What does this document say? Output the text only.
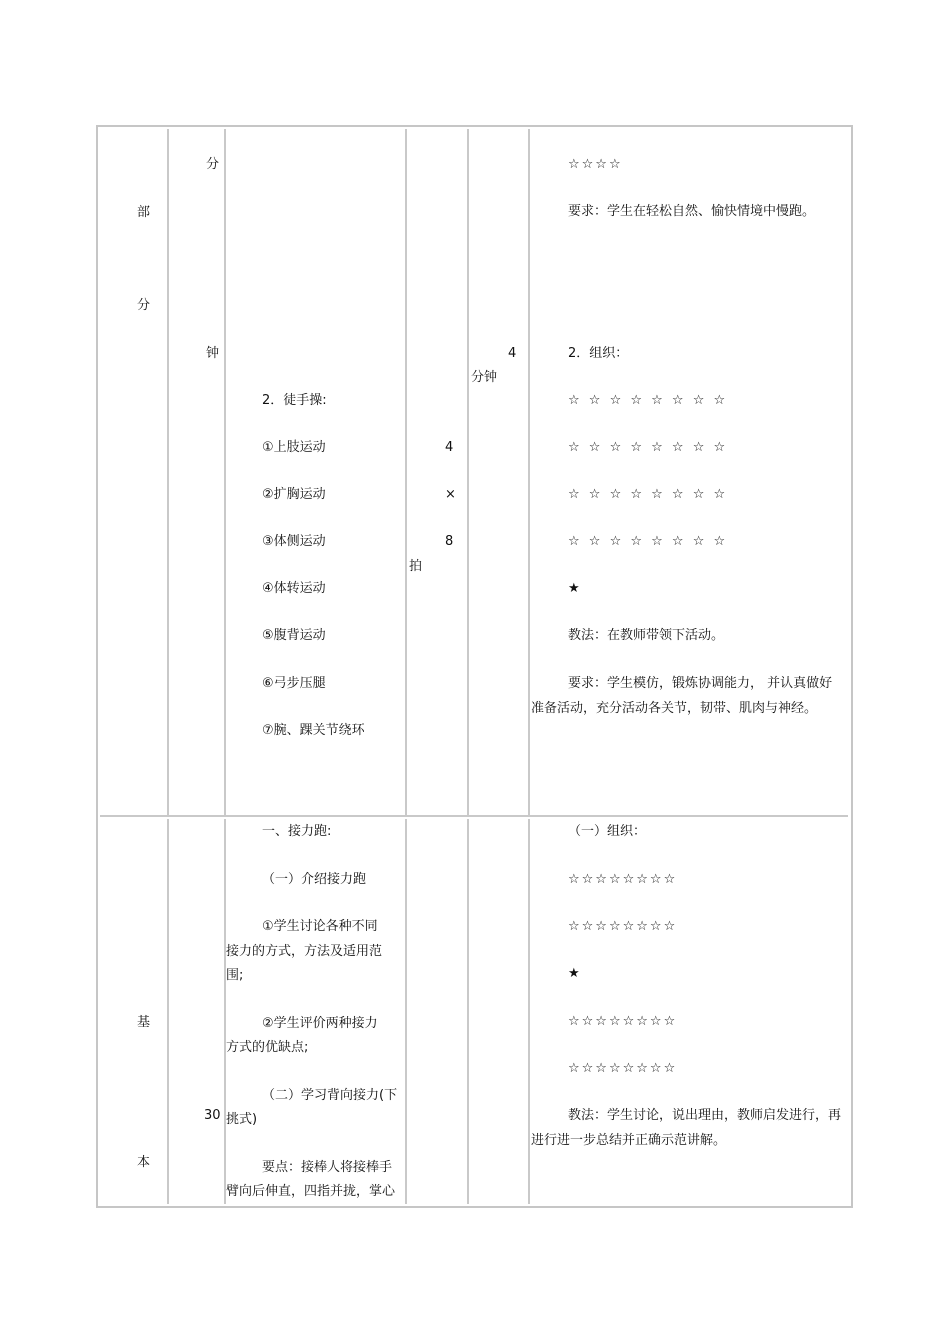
部
分
分
钟
2．徒手操:
①上肢运动
②扩胸运动
③体侧运动
④体转运动
⑤腹背运动
⑥弓步压腿
⑦腕、踝关节绕环
4
×
8
拍
4
分钟
☆☆☆☆
要求：学生在轻松自然、愉快情境中慢跑。
2．组织：
☆ ☆ ☆ ☆ ☆ ☆ ☆ ☆
☆ ☆ ☆ ☆ ☆ ☆ ☆ ☆
☆ ☆ ☆ ☆ ☆ ☆ ☆ ☆
☆ ☆ ☆ ☆ ☆ ☆ ☆ ☆
★
教法：在教师带领下活动。
要求：学生模仿，锻炼协调能力， 并认真做好
准备活动，充分活动各关节，韧带、肌肉与神经。
基
本
30
一、接力跑:
（一）介绍接力跑
①学生讨论各种不同
接力的方式，方法及适用范
围;
②学生评价两种接力
方式的优缺点;
（二）学习背向接力(下
挑式)
要点：接棒人将接棒手
臂向后伸直，四指并拢，掌心
（一）组织：
☆☆☆☆☆☆☆☆
☆☆☆☆☆☆☆☆
★
☆☆☆☆☆☆☆☆
☆☆☆☆☆☆☆☆
教法：学生讨论，说出理由，教师启发进行，再
进行进一步总结并正确示范讲解。
